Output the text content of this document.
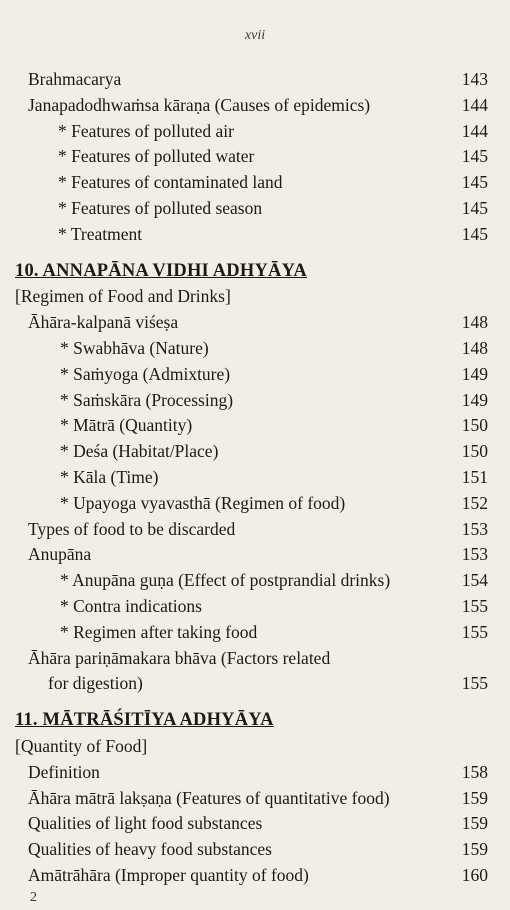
xvii
Brahmacarya	143
Janapadodhwaṁsa kāraṇa (Causes of epidemics)	144
* Features of polluted air	144
* Features of polluted water	145
* Features of contaminated land	145
* Features of polluted season	145
* Treatment	145
10. ANNAPĀNA VIDHI ADHYĀYA
[Regimen of Food and Drinks]
Āhāra-kalpanā viśeṣa	148
* Swabhāva (Nature)	148
* Saṁyoga (Admixture)	149
* Saṁskāra (Processing)	149
* Mātrā (Quantity)	150
* Deśa (Habitat/Place)	150
* Kāla (Time)	151
* Upayoga vyavasthā (Regimen of food)	152
Types of food to be discarded	153
Anupāna	153
* Anupāna guṇa (Effect of postprandial drinks)	154
* Contra indications	155
* Regimen after taking food	155
Āhāra pariṇāmakara bhāva (Factors related
for digestion)	155
11. MĀTRĀŚITĪYA ADHYĀYA
[Quantity of Food]
Definition	158
Āhāra mātrā lakṣaṇa (Features of quantitative food)	159
Qualities of light food substances	159
Qualities of heavy food substances	159
Amātrāhāra (Improper quantity of food)	160
2
